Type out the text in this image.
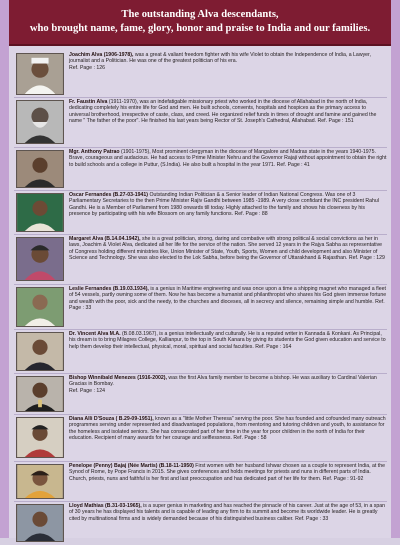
The outstanding Alva descendants,
who brought name, fame, glory, honor and praise to India and our families.
Joachim Alva (1906-1978), was a great & valiant freedom fighter with his wife Violet to obtain the Independence of India, a Lawyer, journalist and a Politician. He was one of the greatest politician of his era.
Ref. Page : 126
Fr. Faustin Alva (1911-1970), was an indefatigable missionary priest who worked in the diocese of Allahabad in the north of India, dedicating completely his entire life for God and men. He built schools, convents, hospitals and hospices as the primary access to universal brotherhood, irrespective of caste, class, and creed. He organized relief funds in times of drought and famine and gained the name " The father of the poor". He finished his last years being Rector of St. Joseph's Cathedral, Allahabad. Ref. Page : 151
Mgr. Anthony Patrao (1901-1975), Most prominent clergyman in the diocese of Mangalore and Madras state in the years 1940-1975. Brave, courageous and audacious. He had access to Prime Minister Nehru and the Governor Rajaji without appointment to obtain the right to build schools and a college in Puttur, (S.India). He also built a hospital in the year 1971. Ref. Page : 41
Oscar Fernandes (B.27-03-1941) Outstanding Indian Politician & a Senior leader of Indian National Congress. Was one of 3 Parliamentary Secretaries to the then Prime Minister Rajiv Gandhi between 1985 -1989. A very close confidant the INC president Rahul Gandhi. He is a Member of Parliament from 1980 onwards till today. Highly attached to the family and shows his closeness by his presence by participating with his wife Blossom on any family functions. Ref. Page : 88
Margaret Alva (B.14.04.1942), she is a great politician, strong, daring and combative with strong political & social convictions as her in laws, Joachim & Violet Alva, dedicated all her life for the service of the nation. She served 12 years in the Rajya Sabha as representative of Congress holding different ministries like, Union Minister of State, Youth, Sports, Women and child development and also Minister of Science and Technology. She was also elected to the Lok Sabha, before being the Governor of Uttarakhand & Rajasthan. Ref. Page : 129
Leslie Fernandes (B.19.03.1934), is a genius in Maritime engineering and was once upon a time a shipping magnet who managed a fleet of 54 vessels, partly owning some of them. Now he has become a humanist and philanthropist who shares his God given immense fortune and wealth with the poor, sick and the needy, to the churches and dioceses, all in secrecy and silence, remaining simple and humble. Ref. Page : 33
Dr. Vincent Alva M.A. (B.08.03.1967), is a genius intellectually and culturally. He is a reputed writer in Kannada & Konkani. As Principal, his dream is to bring Milagres College, Kallianpur, to the top in South Kanara by giving its students the God given education and service to help them develop their intellectual, physical, moral, spiritual and social faculties. Ref. Page : 164
Bishop Winnibald Menezes (1916-2002), was the first Alva family member to become a bishop. He was auxiliary to Cardinal Valerian Gracias in Bombay.
Ref. Page : 124
Diana Alli D'Souza ( B.29-09-1951), known as a "little Mother Theresa" serving the poor. She has founded and cofounded many outreach programmes serving under represented and disadvantaged populations, from mentoring and tutoring children and youth, to assistance for the homeless and isolated seniors. She has consecrated part of her time in the year for poor children in the north of India for their education. Recipient of many awards for her courage and selflessness. Ref. Page : 58
Penelope (Penny) Bajaj (Née Martis) (B.18-11-1950) First women with her husband Ishwar chosen as a couple to represent India, at the Synod of Rome, by Pope Francis in 2015. She gives conferences and holds meetings for priests and nuns in different parts of India. Church, priests, nuns and faithful is her first and last preoccupation and has dedicated part of her life for them. Ref. Page : 91-92
Lloyd Mathias (B.31-03-1965), is a super genius in marketing and has reached the pinnacle of his career. Just at the age of 53, in a span of 30 years he has displayed his talents and is capable of leading any firm to its summit and become its worldwide leader. He is greatly cited by multinational firms and is widely demanded because of his distinguished business caliber. Ref. Page : 33
